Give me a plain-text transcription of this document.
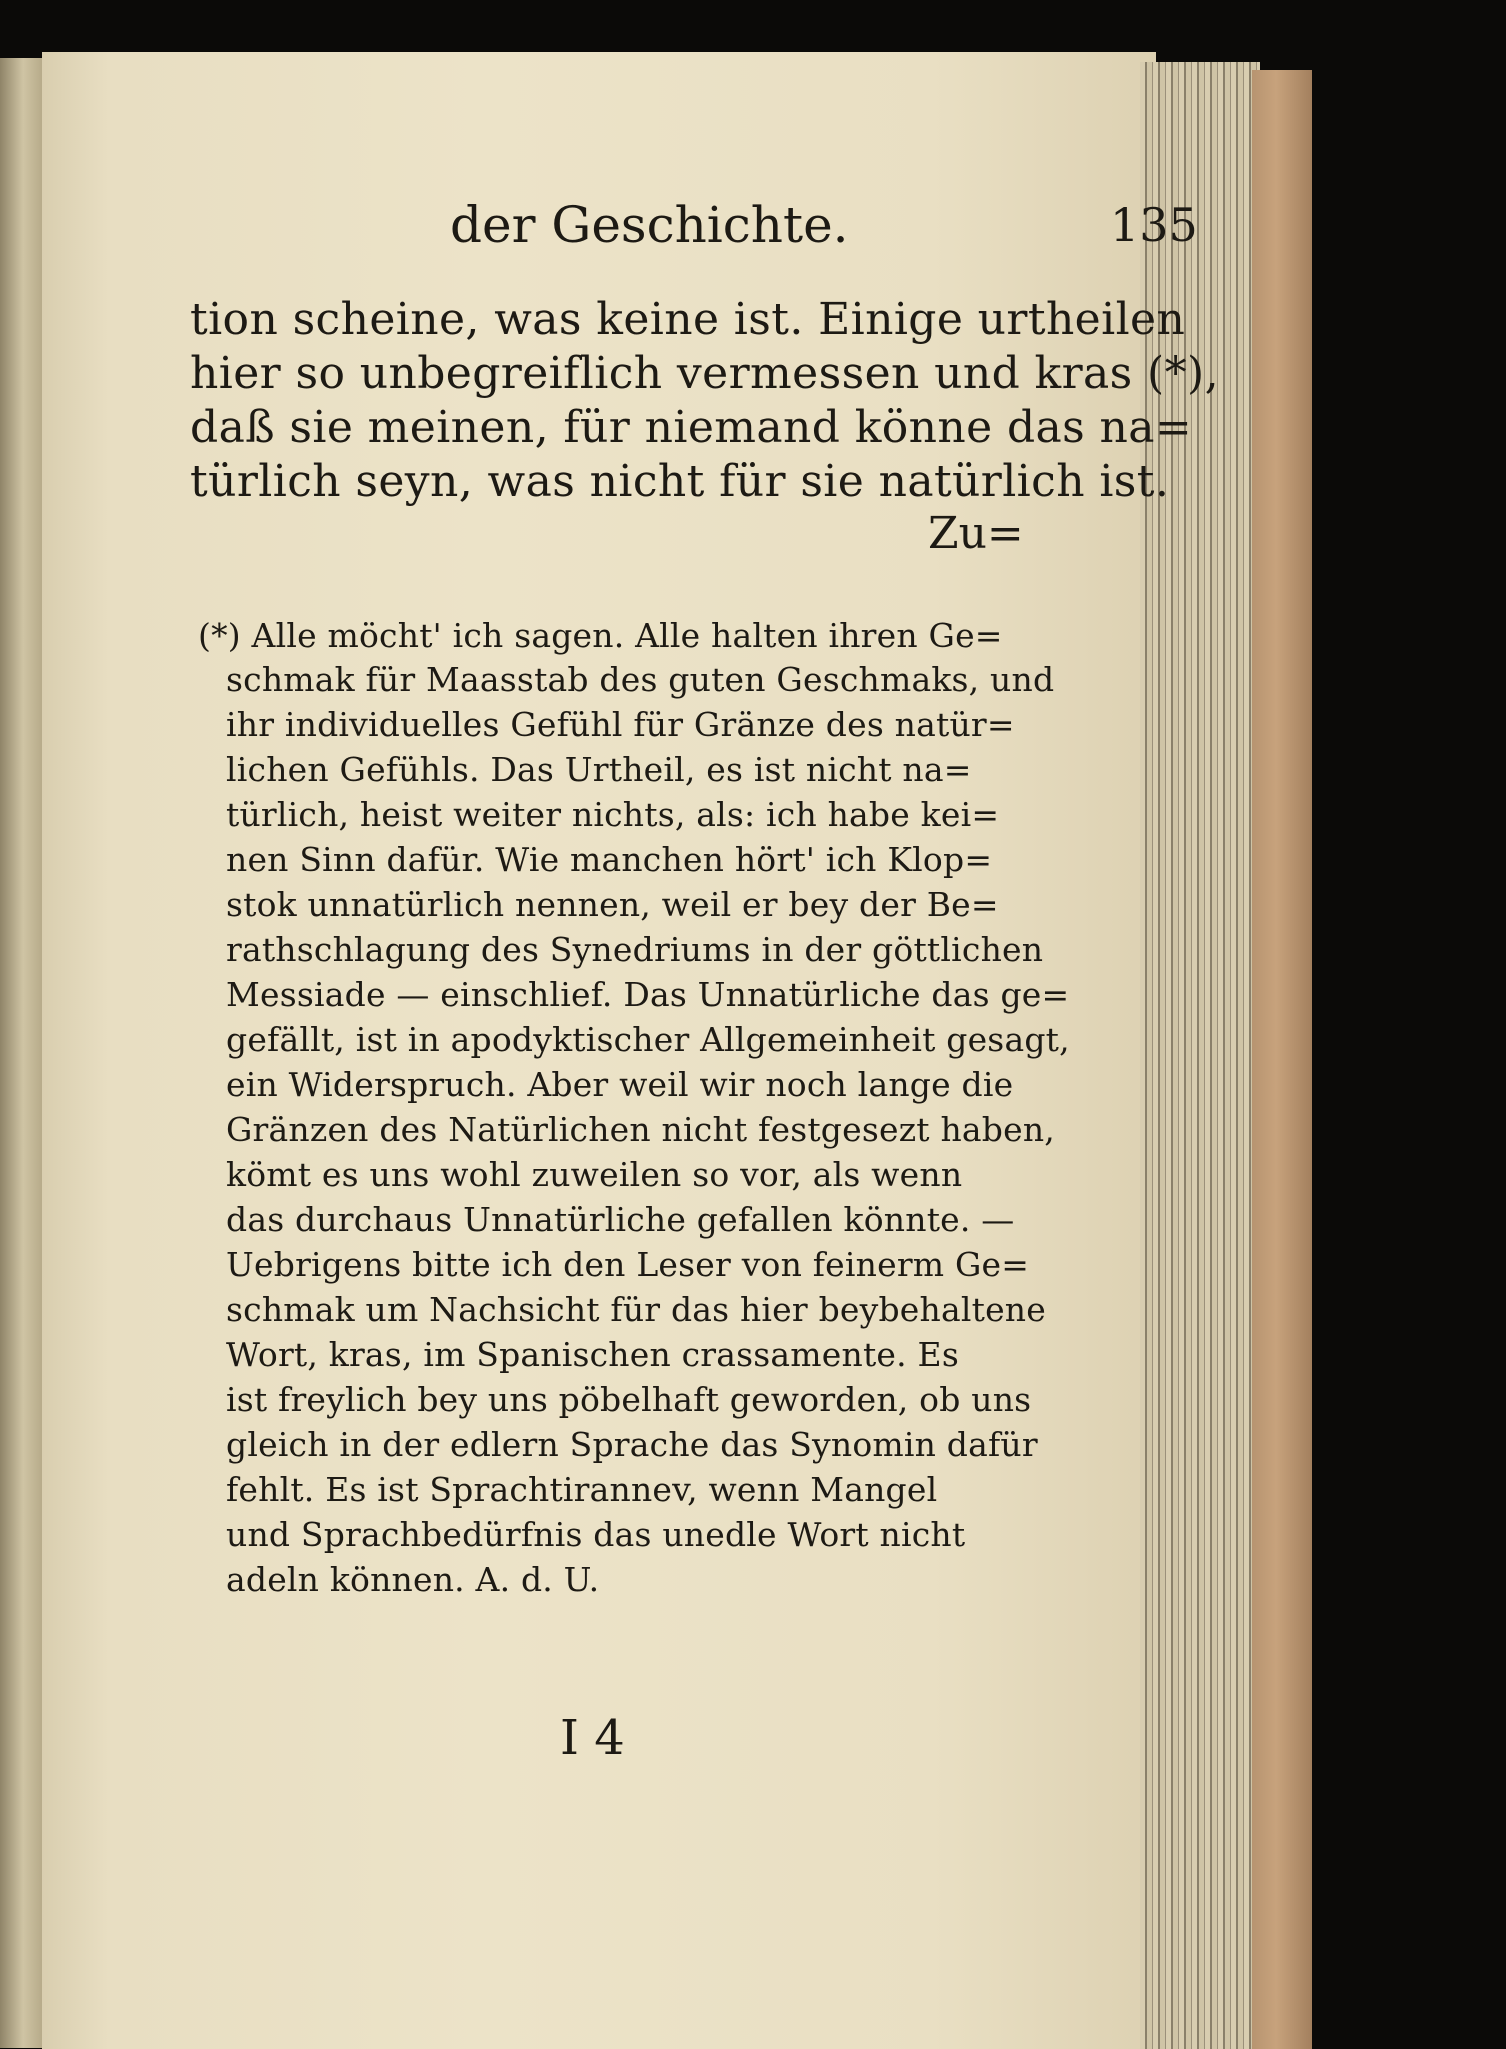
der Geschichte.	135
tion scheine, was keine ist. Einige urtheilen
hier so unbegreiflich vermessen und kras (*),
daß sie meinen, für niemand könne das na=
türlich seyn, was nicht für sie natürlich ist.
Zu=
(*) Alle möcht' ich sagen. Alle halten ihren Ge=
schmak für Maasstab des guten Geschmaks, und
ihr individuelles Gefühl für Gränze des natür=
lichen Gefühls. Das Urtheil, es ist nicht na=
türlich, heist weiter nichts, als: ich habe kei=
nen Sinn dafür. Wie manchen hört' ich Klop=
stok unnatürlich nennen, weil er bey der Be=
rathschlagung des Synedriums in der göttlichen
Messiade — einschlief. Das Unnatürliche das ge=
gefällt, ist in apodyktischer Allgemeinheit gesagt,
ein Widerspruch. Aber weil wir noch lange die
Gränzen des Natürlichen nicht festgesezt haben,
kömt es uns wohl zuweilen so vor, als wenn
das durchaus Unnatürliche gefallen könnte. —
Uebrigens bitte ich den Leser von feinerm Ge=
schmak um Nachsicht für das hier beybehaltene
Wort, kras, im Spanischen crassamente. Es
ist freylich bey uns pöbelhaft geworden, ob uns
gleich in der edlern Sprache das Synomin dafür
fehlt. Es ist Sprachtirannev, wenn Mangel
und Sprachbedürfnis das unedle Wort nicht
adeln können. A. d. U.
I 4
